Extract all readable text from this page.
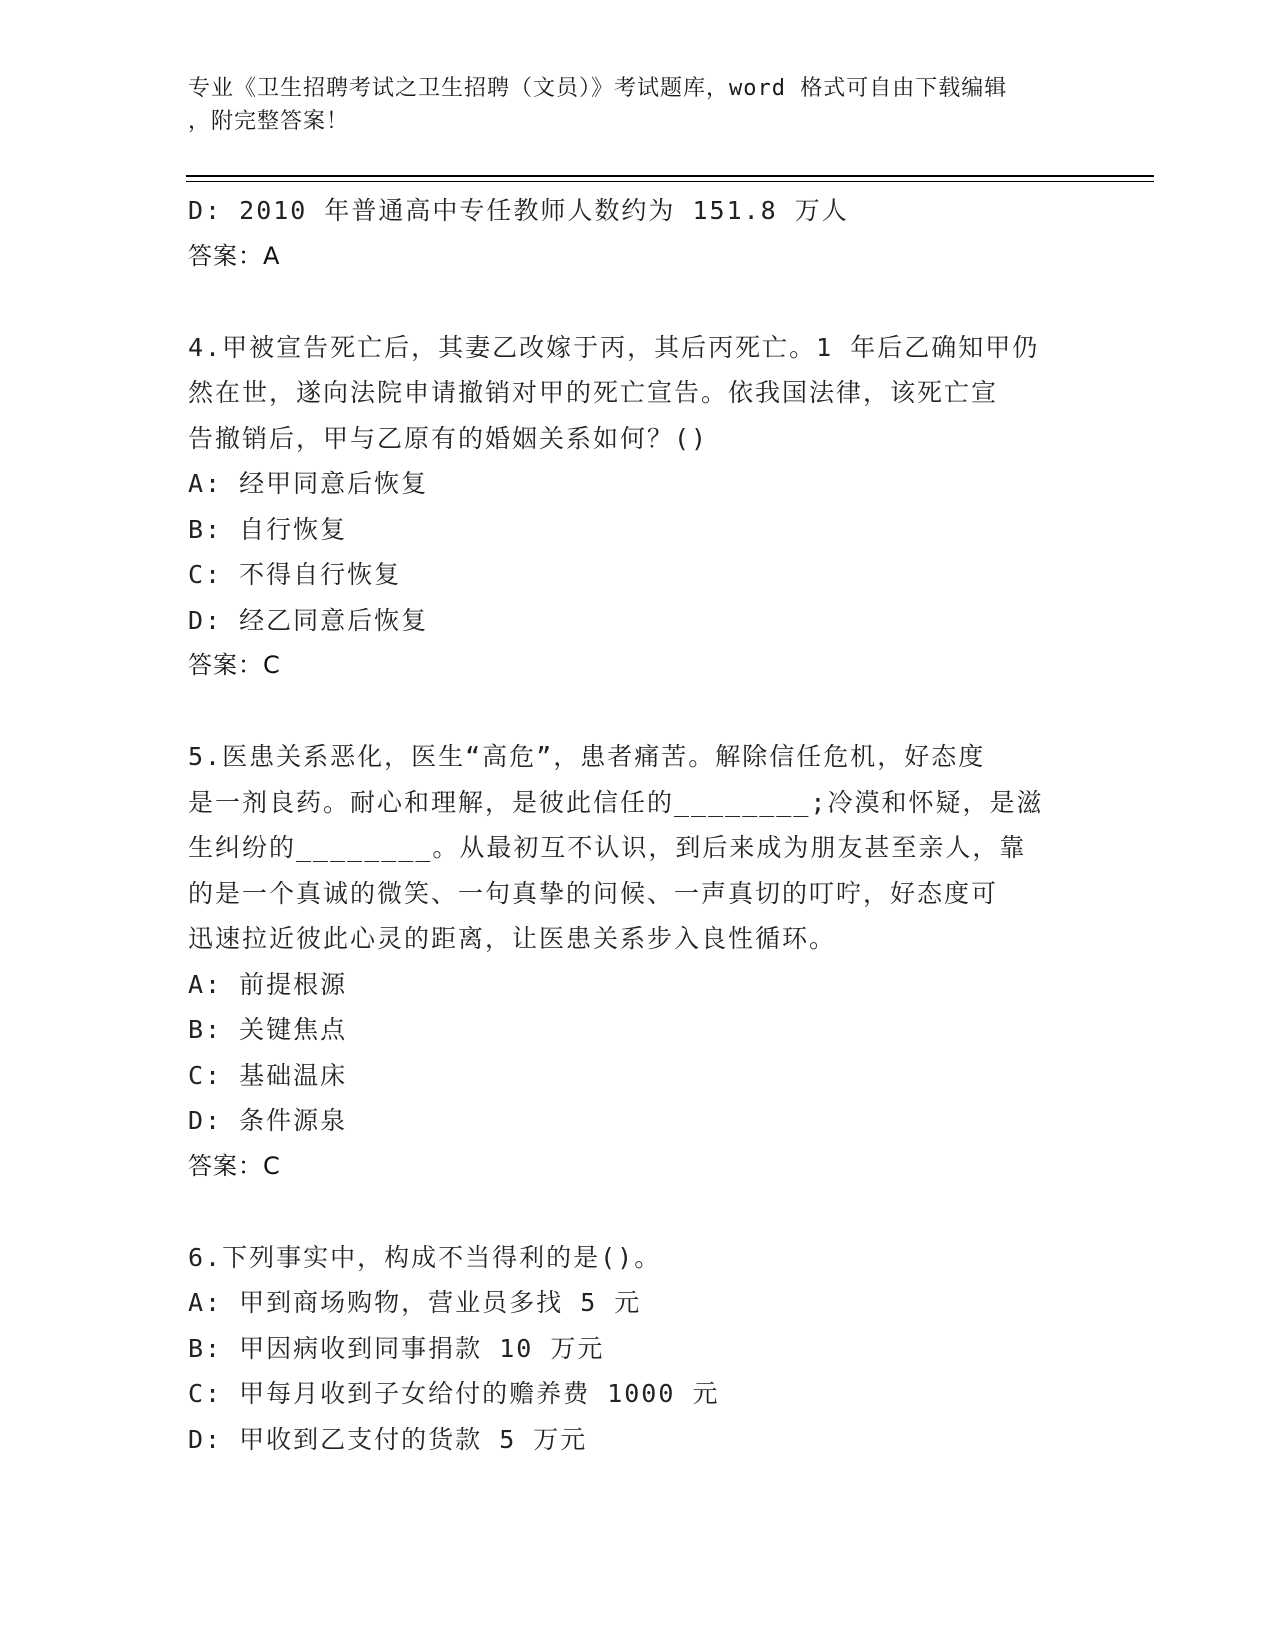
专业《卫生招聘考试之卫生招聘（文员）》考试题库，word 格式可自由下载编辑
，附完整答案！
D: 2010 年普通高中专任教师人数约为 151.8 万人
答案：A
4.甲被宣告死亡后，其妻乙改嫁于丙，其后丙死亡。1 年后乙确知甲仍
然在世，遂向法院申请撤销对甲的死亡宣告。依我国法律，该死亡宣
告撤销后，甲与乙原有的婚姻关系如何？()
A: 经甲同意后恢复
B: 自行恢复
C: 不得自行恢复
D: 经乙同意后恢复
答案：C
5.医患关系恶化，医生“高危”，患者痛苦。解除信任危机，好态度
是一剂良药。耐心和理解，是彼此信任的________;冷漠和怀疑，是滋
生纠纷的________。从最初互不认识，到后来成为朋友甚至亲人，靠
的是一个真诚的微笑、一句真挚的问候、一声真切的叮咛，好态度可
迅速拉近彼此心灵的距离，让医患关系步入良性循环。
A: 前提根源
B: 关键焦点
C: 基础温床
D: 条件源泉
答案：C
6.下列事实中，构成不当得利的是()。
A: 甲到商场购物，营业员多找 5 元
B: 甲因病收到同事捐款 10 万元
C: 甲每月收到子女给付的赡养费 1000 元
D: 甲收到乙支付的货款 5 万元
